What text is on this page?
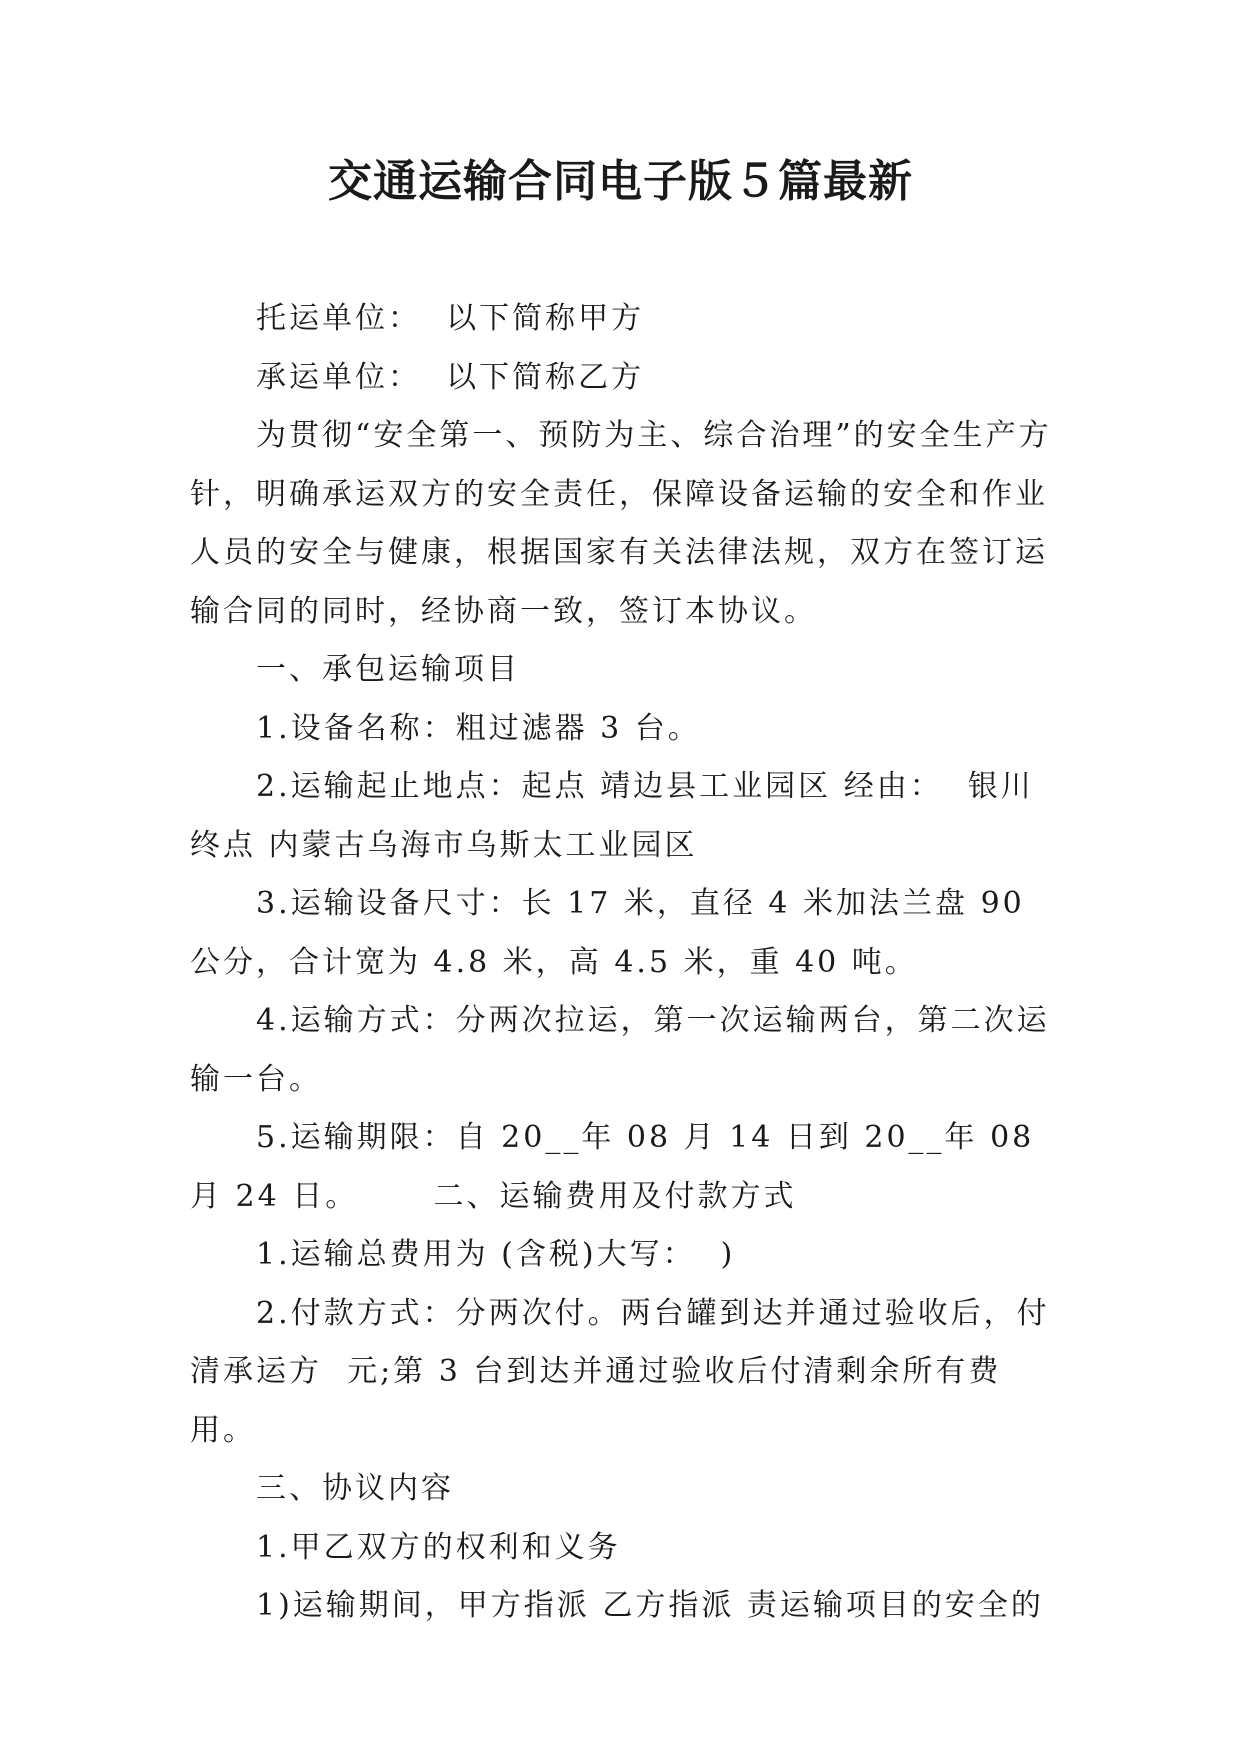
交通运输合同电子版５篇最新

托运单位：  以下简称甲方

承运单位：  以下简称乙方

为贯彻“安全第一、预防为主、综合治理”的安全生产方针，明确承运双方的安全责任，保障设备运输的安全和作业人员的安全与健康，根据国家有关法律法规，双方在签订运输合同的同时，经协商一致，签订本协议。

一、承包运输项目

1.设备名称：粗过滤器 3 台。

2.运输起止地点：起点 靖边县工业园区 经由：  银川 终点 内蒙古乌海市乌斯太工业园区

3.运输设备尺寸：长 17 米，直径 4 米加法兰盘 90 公分，合计宽为 4.8 米，高 4.5 米，重 40 吨。

4.运输方式：分两次拉运，第一次运输两台，第二次运输一台。

5.运输期限：自 20__年 08 月 14 日到 20__年 08 月 24 日。      二、运输费用及付款方式

1.运输总费用为 (含税)大写：  )

2.付款方式：分两次付。两台罐到达并通过验收后，付清承运方  元;第 3 台到达并通过验收后付清剩余所有费用。

三、协议内容

1.甲乙双方的权利和义务

1)运输期间，甲方指派 乙方指派 责运输项目的安全的
